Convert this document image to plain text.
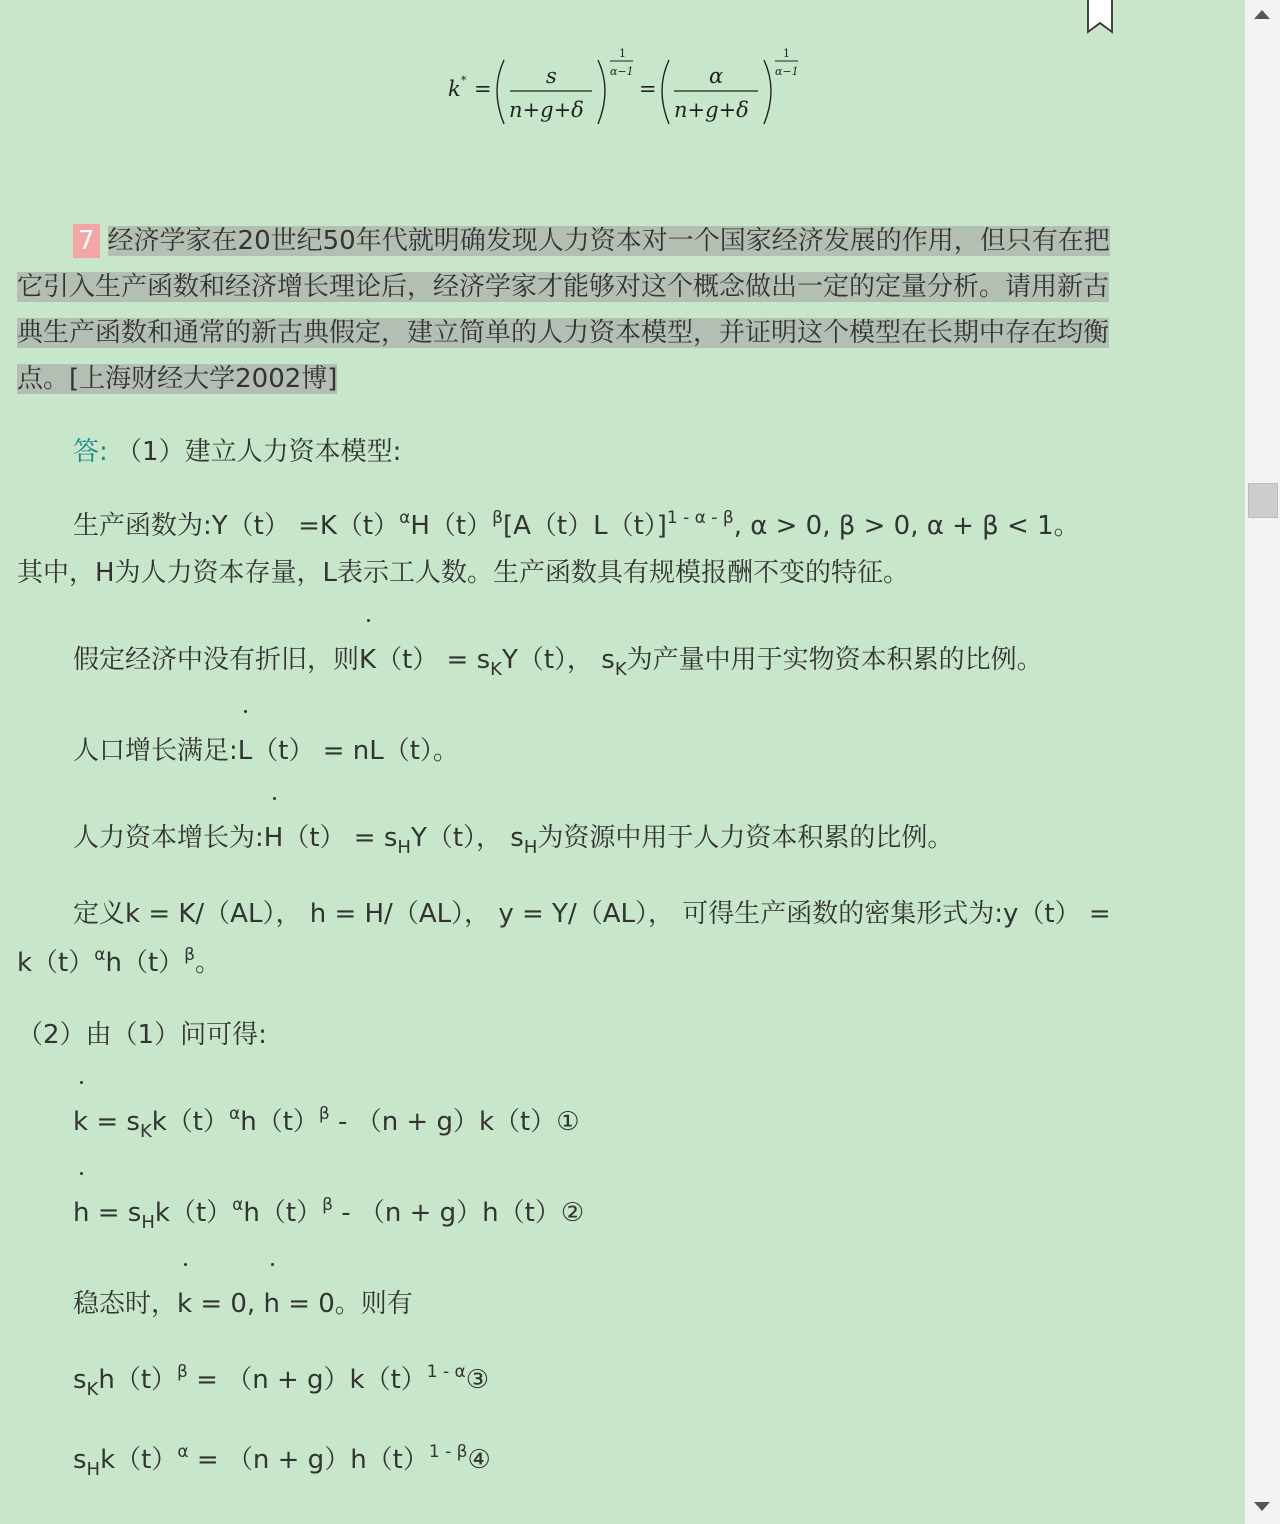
k * =
s
n+g+δ
1
α−1
=
α
n+g+δ
1
α−1
7 经济学家在20世纪50年代就明确发现人力资本对一个国家经济发展的作用，但只有在把
它引入生产函数和经济增长理论后，经济学家才能够对这个概念做出一定的定量分析。请用新古
典生产函数和通常的新古典假定，建立简单的人力资本模型，并证明这个模型在长期中存在均衡
点。[上海财经大学2002博]
答: （1）建立人力资本模型:
生产函数为:Y（t） $=K(t)^\alpha H(t)^\beta[A(t)L(t)]^{1 - \alpha - \beta}$, α > 0, β > 0, α + β < 1。
其中，H为人力资本存量，L表示工人数。生产函数具有规模报酬不变的特征。
假定经济中没有折旧，则$K(t) = s_KY(t)$， $s_K$为产量中用于实物资本积累的比例。
人口增长满足:L（t） = nL（t）。
人力资本增长为:H（t） = $s_HY(t)$， $s_H$为资源中用于人力资本积累的比例。
定义k = K/（AL）， h = H/（AL）， y = Y/（AL）， 可得生产函数的密集形式为:y（t） =
$k(t)^\alpha h(t)^\beta$。
（2）由（1）问可得:
$k = s_Kk(t)^\alpha h(t)^\beta - (n$ + g）k（t）①
$h = s_Hk(t)^\alpha h(t)^\beta - (n$ + g）h（t）②
稳态时，k = 0, h = 0。则有
$s_Kh(t)^\beta = (n$ + $g)k(t)^{1 - \alpha}③$
$s_Hk(t)^\alpha = (n$ + $g)h(t)^{1 - \beta}④$
